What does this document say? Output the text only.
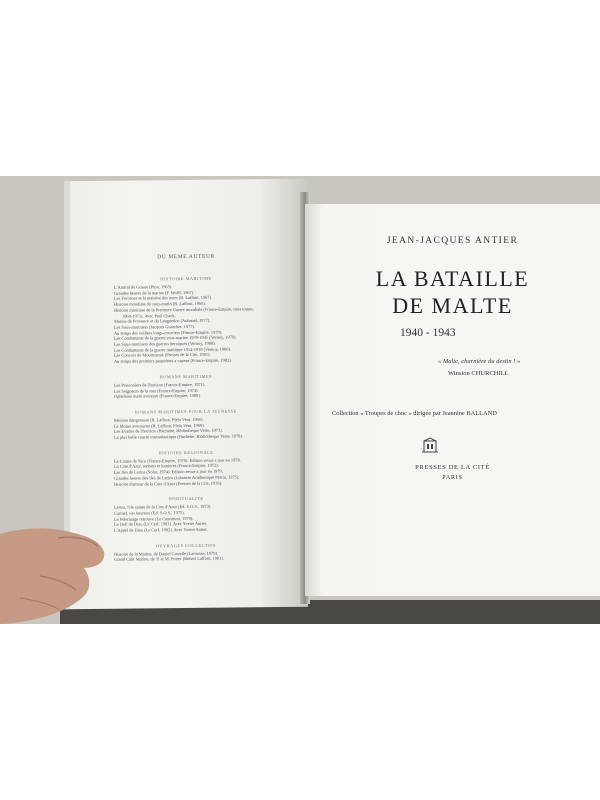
DU MEME AUTEUR
HISTOIRE MARITIME
L'Amiral de Grasse (Plon, 1965).
Grandes heures de la marine (F. Wolff, 1967).
Les Forcenes et la maitrise des mers (R. Laffont, 1967).
Histoire mondiale du sous-marin (R. Laffont, 1968).
Histoire maritime de la Premiere Guerre mondiale (France-Empire, trois tomes,
1969-1971). Avec Paul Chack.
Marins de Provence et du Languedoc (Aubanel, 1977).
Les Sous-mariniers (Jacques Grancher, 1977).
Au temps des voiliers longs-courriers (France-Empire, 1979).
Les Combattants de la guerre sous-marine 1939-1945 (Vernoy, 1979).
Les Sous-mariniers des guerres heroïques (Vernoy, 1980).
Les Combattants de la guerre maritime 1914-1918 (Vernoy, 1980).
Les Convois de Mourmansk (Presses de la Cite, 1981).
Au temps des premiers paquebots a vapeur (France-Empire, 1982).
ROMANS MARITIMES
Les Prisonniers de l'horizon (France-Empire, 1971).
Les Seigneurs de la mer (France-Empire, 1974).
Opheleion autre aventure (France-Empire, 1980).
ROMANS MARITIMES POUR LA JEUNESSE
Mission dangereuse (R. Laffont, Plein Vent, 1966).
Le Moine aventurier (R. Laffont, Plein Vent, 1969).
Les Evades de l'horizon (Hachette, Bibliotheque Verte, 1973).
La plus belle course transatlantique (Hachette, Bibliotheque Verte, 1978).
HISTOIRE REGIONALE
Le Comte de Nice (France-Empire, 1970). Edition revue a jour en 1978.
La Cote d'Azur, ombres et lumieres (France-Empire, 1972).
Les Iles de Lerins (Solar, 1974). Edition revue a jour en 1979.
Grandes heures des Iles de Lerins (Librairie Academique Perrin, 1975).
Histoire d'amour de la Cote d'Azur (Presses de la Cite, 1978).
SPIRITUALITE
Lerins, l'ile sainte de la Cote d'Azur (Ed. S.O.S., 1973).
Carmel, vas heureux (Ed. S.O.S., 1975).
Le Pelerinage retrouve (Le Centurion, 1979).
Le Defi de Dieu (Le Cerf, 1981). Avec Yvette Antier.
L'Appel de Dieu (Le Cerf, 1982). Avec Yvette Antier.
OUVRAGES COLLECTIFS
Histoire de la Marine, de Daniel Costelle (Larousse, 1979).
Grand Cahf Marine, de Ti et M. Poirer (Robert Laffont, 1981).
JEAN-JACQUES ANTIER
LA BATAILLE
DE MALTE
1940 - 1943
« Malte, charnière du destin ! »
Winston CHURCHILL
Collection « Troupes de choc » dirigée par Jeannine BALLAND
PRESSES DE LA CITÉ
PARIS
